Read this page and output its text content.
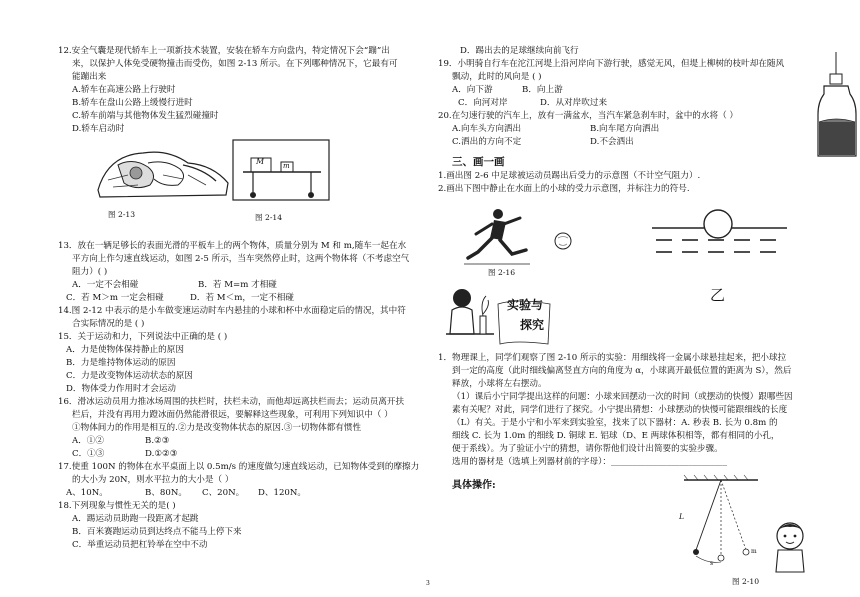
12.安全气囊是现代轿车上一项新技术装置，安装在轿车方向盘内，特定情况下会“蹦”出
来，以保护人体免受硬物撞击而受伤，如图 2-13 所示。在下列哪种情况下，它最有可
能蹦出来
A.轿车在高速公路上行驶时
B.轿车在盘山公路上缓慢行进时
C.轿车前端与其他物体发生猛烈碰撞时
D.轿车启动时
图 2-13
M	m
图 2-14
13．放在一辆足够长的表面光滑的平板车上的两个物体，质量分别为 M 和 m,随车一起在水
平方向上作匀速直线运动，如图 2-5 所示，当车突然停止时，这两个物体将（不考虑空气
阻力）( )
A．一定不会相碰	B．若 M=m 才相碰
C．若 M＞m 一定会相碰	D．若 M＜m，一定不相碰
14.图 2-12 中表示的是小车做变速运动时车内悬挂的小球和杯中水面稳定后的情况，其中符
合实际情况的是 ( )
15．关于运动和力，下列说法中正确的是 ( )
A．力是使物体保持静止的原因
B．力是维持物体运动的原因
C．力是改变物体运动状态的原因
D．物体受力作用时才会运动
16．滑冰运动员用力推冰场周围的扶栏时，扶栏未动，而他却远离扶栏而去；运动员离开扶
栏后，并没有再用力蹬冰面仍然能滑很远，要解释这些现象，可利用下列知识中（ ）
①物体间力的作用是相互的.②力是改变物体状态的原因.③一切物体都有惯性
A．①②	B.②③
C．①③	D.①②③
17.使重 100N 的物体在水平桌面上以 0.5m/s 的速度做匀速直线运动，已知物体受到的摩擦力
的大小为 20N，则水平拉力的大小是（ ）
A、10N。	B、80N。 C、20N。 D、120N。
18.下列现象与惯性无关的是( )
A．踢运动员助跑一段距离才起跳
B．百米赛跑运动员到达终点不能马上停下来
C．举重运动员把杠铃举在空中不动
3
D．踢出去的足球继续向前飞行
19．小明骑自行车在沱江河堤上沿河岸向下游行驶，感觉无风，但堤上柳树的枝叶却在随风
飘动，此时的风向是 ( )
A．向下游	B．向上游
C．向河对岸	D．从对岸吹过来
20.在匀速行驶的汽车上，放有一满盆水，当汽车紧急刹车时，盆中的水将（ ）
A.向车头方向洒出	B.向车尾方向洒出
C.洒出的方向不定	D.不会洒出
三、画一画
1.画出图 2-6 中足球被运动员踢出后受力的示意图（不计空气阻力）.
2.画出下图中静止在水面上的小球的受力示意图，并标注力的符号.
图 2-16
乙
实验与
探究
1．物理课上，同学们观察了图 2-10 所示的实验：用细线将一金属小球悬挂起来，把小球拉
到一定的高度（此时细线偏离竖直方向的角度为 α，小球离开最低位置的距离为 S），然后
释放，小球将左右摆动。
（1）课后小宁同学提出这样的问题：小球来回摆动一次的时间（或摆动的快慢）跟哪些因
素有关呢？对此，同学们进行了探究。小宁提出猜想：小球摆动的快慢可能跟细线的长度
（L）有关。于是小宁和小军来到实验室，找来了以下器材：A. 秒表 B. 长为 0.8m 的
细线 C. 长为 1.0m 的细线 D. 铜球 E. 铝球（D、E 两球体积相等，都有相同的小孔，
便于系线）。为了验证小宁的猜想，请你帮他们设计出简要的实验步骤。
选用的器材是（选填上列器材前的字母）：___________________________
具体操作:
L
s
m
图 2-10
